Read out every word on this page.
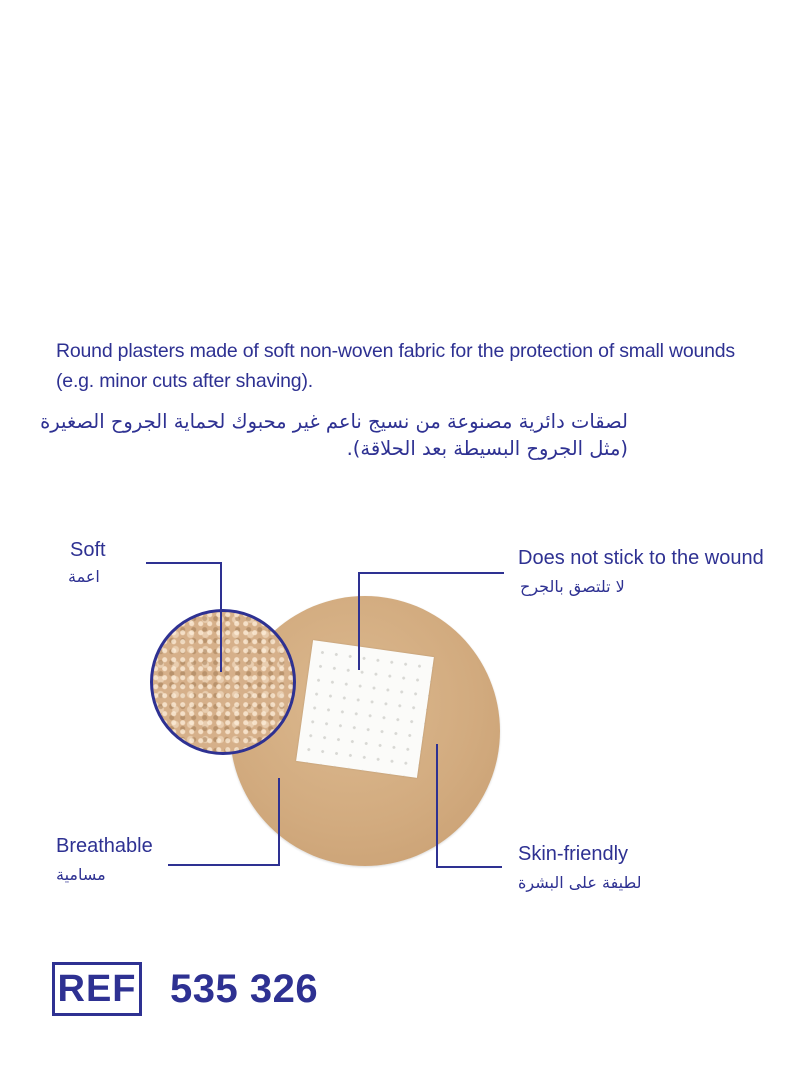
Round plasters made of soft non-woven fabric for the protection of small wounds (e.g. minor cuts after shaving).

لصقات دائرية مصنوعة من نسيج ناعم غير محبوك لحماية الجروح الصغيرة (مثل الجروح البسيطة بعد الحلاقة).

Soft
اعمة
Does not stick to the wound
لا تلتصق بالجرح
Breathable
مسامية
Skin-friendly
لطيفة على البشرة
REF 535 326
